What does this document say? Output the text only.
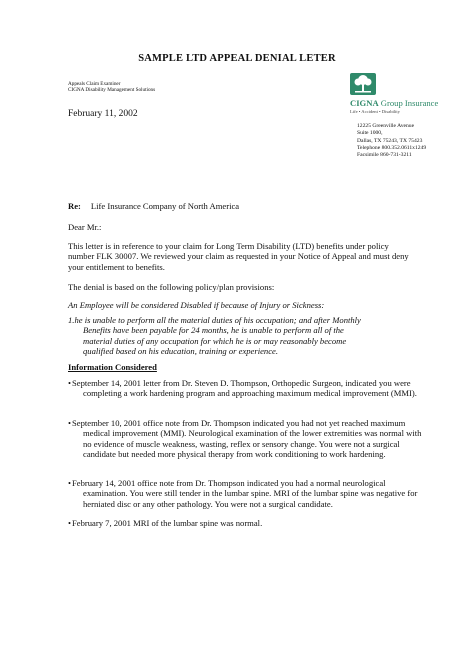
SAMPLE LTD APPEAL DENIAL LETER
Appeals Claim Examiner
CIGNA Disability Management Solutions
February 11, 2002
CIGNA Group Insurance
Life • Accident • Disability
12225 Greenville Avenue
Suite 1000,
Dallas, TX 75243, TX 75423
Telephone 800.352.0611x1249
Facsimile 860-731-3211
Re: Life Insurance Company of North America
Dear Mr.:
This letter is in reference to your claim for Long Term Disability (LTD) benefits under policy number FLK 30007. We reviewed your claim as requested in your Notice of Appeal and must deny your entitlement to benefits.
The denial is based on the following policy/plan provisions:
An Employee will be considered Disabled if because of Injury or Sickness:
1.he is unable to perform all the material duties of his occupation; and after Monthly
Benefits have been payable for 24 months, he is unable to perform all of the
material duties of any occupation for which he is or may reasonably become
qualified based on his education, training or experience.
Information Considered
•September 14, 2001 letter from Dr. Steven D. Thompson, Orthopedic Surgeon, indicated you were completing a work hardening program and approaching maximum medical improvement (MMI).
•September 10, 2001 office note from Dr. Thompson indicated you had not yet reached maximum medical improvement (MMI). Neurological examination of the lower extremities was normal with no evidence of muscle weakness, wasting, reflex or sensory change. You were not a surgical candidate but needed more physical therapy from work conditioning to work hardening.
•February 14, 2001 office note from Dr. Thompson indicated you had a normal neurological examination. You were still tender in the lumbar spine. MRI of the lumbar spine was negative for herniated disc or any other pathology. You were not a surgical candidate.
•February 7, 2001 MRI of the lumbar spine was normal.
